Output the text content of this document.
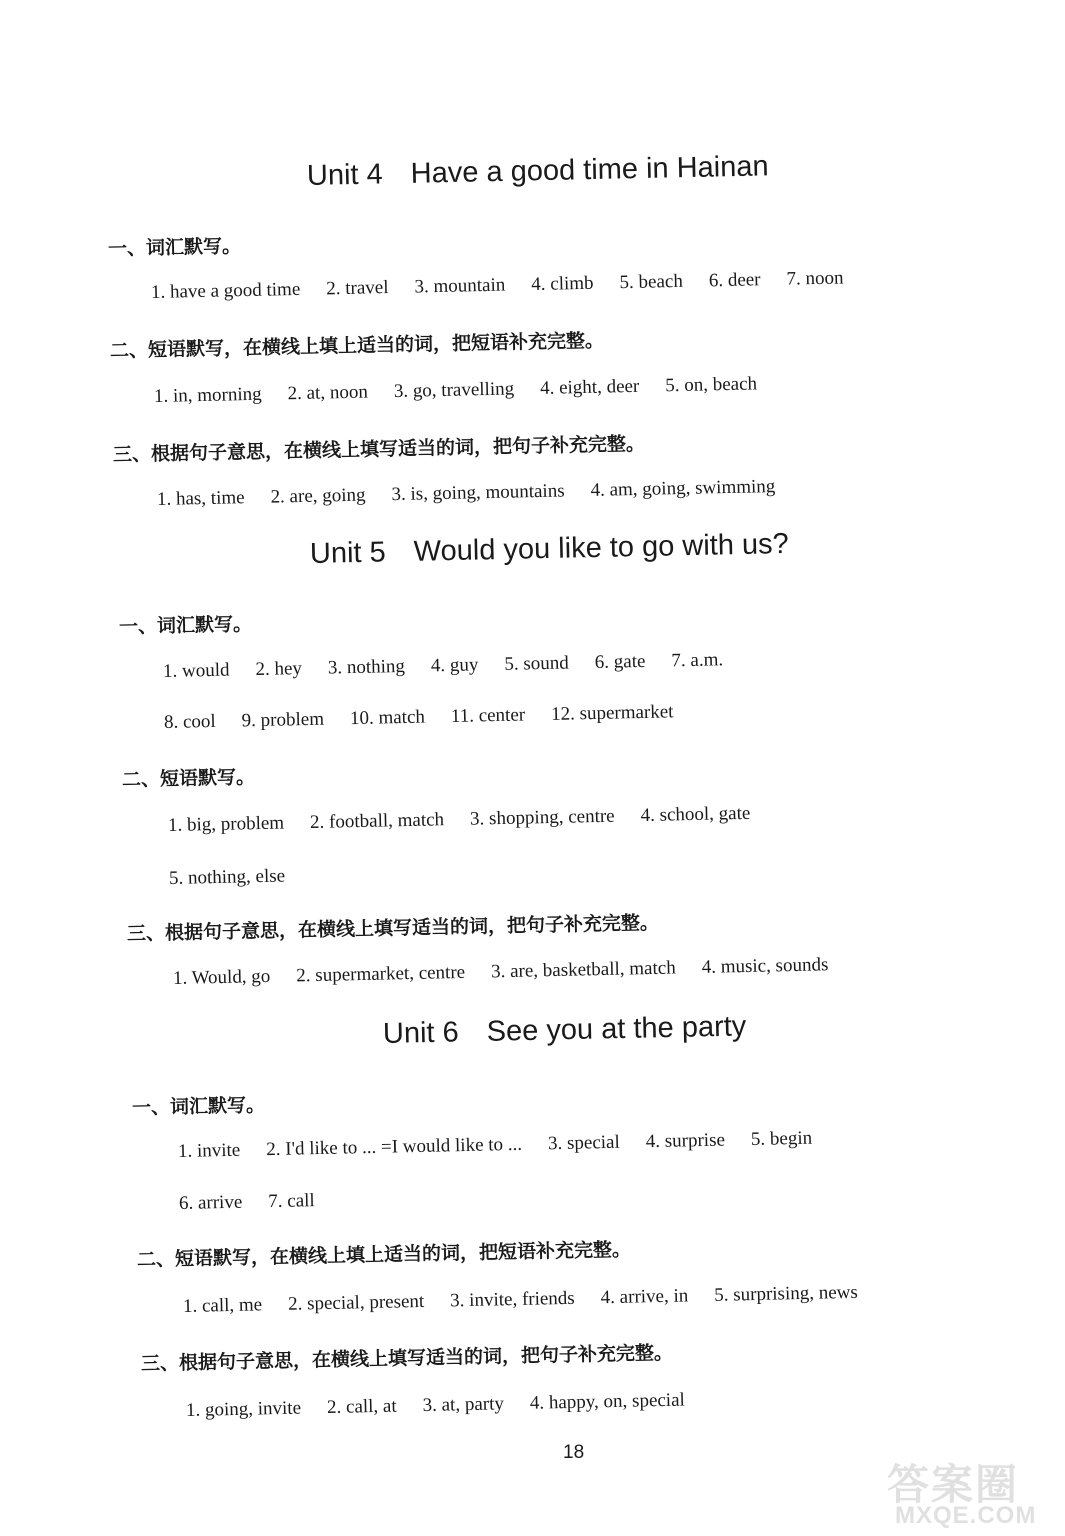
Unit 4 Have a good time in Hainan
一、词汇默写。
1. have a good time 2. travel 3. mountain 4. climb 5. beach 6. deer 7. noon
二、短语默写，在横线上填上适当的词，把短语补充完整。
1. in, morning 2. at, noon 3. go, travelling 4. eight, deer 5. on, beach
三、根据句子意思，在横线上填写适当的词，把句子补充完整。
1. has, time 2. are, going 3. is, going, mountains 4. am, going, swimming
Unit 5 Would you like to go with us?
一、词汇默写。
1. would 2. hey 3. nothing 4. guy 5. sound 6. gate 7. a.m.
8. cool 9. problem 10. match 11. center 12. supermarket
二、短语默写。
1. big, problem 2. football, match 3. shopping, centre 4. school, gate
5. nothing, else
三、根据句子意思，在横线上填写适当的词，把句子补充完整。
1. Would, go 2. supermarket, centre 3. are, basketball, match 4. music, sounds
Unit 6 See you at the party
一、词汇默写。
1. invite 2. I'd like to ... =I would like to ... 3. special 4. surprise 5. begin
6. arrive 7. call
二、短语默写，在横线上填上适当的词，把短语补充完整。
1. call, me 2. special, present 3. invite, friends 4. arrive, in 5. surprising, news
三、根据句子意思，在横线上填写适当的词，把句子补充完整。
1. going, invite 2. call, at 3. at, party 4. happy, on, special
18
答案圈
MXQE.COM
